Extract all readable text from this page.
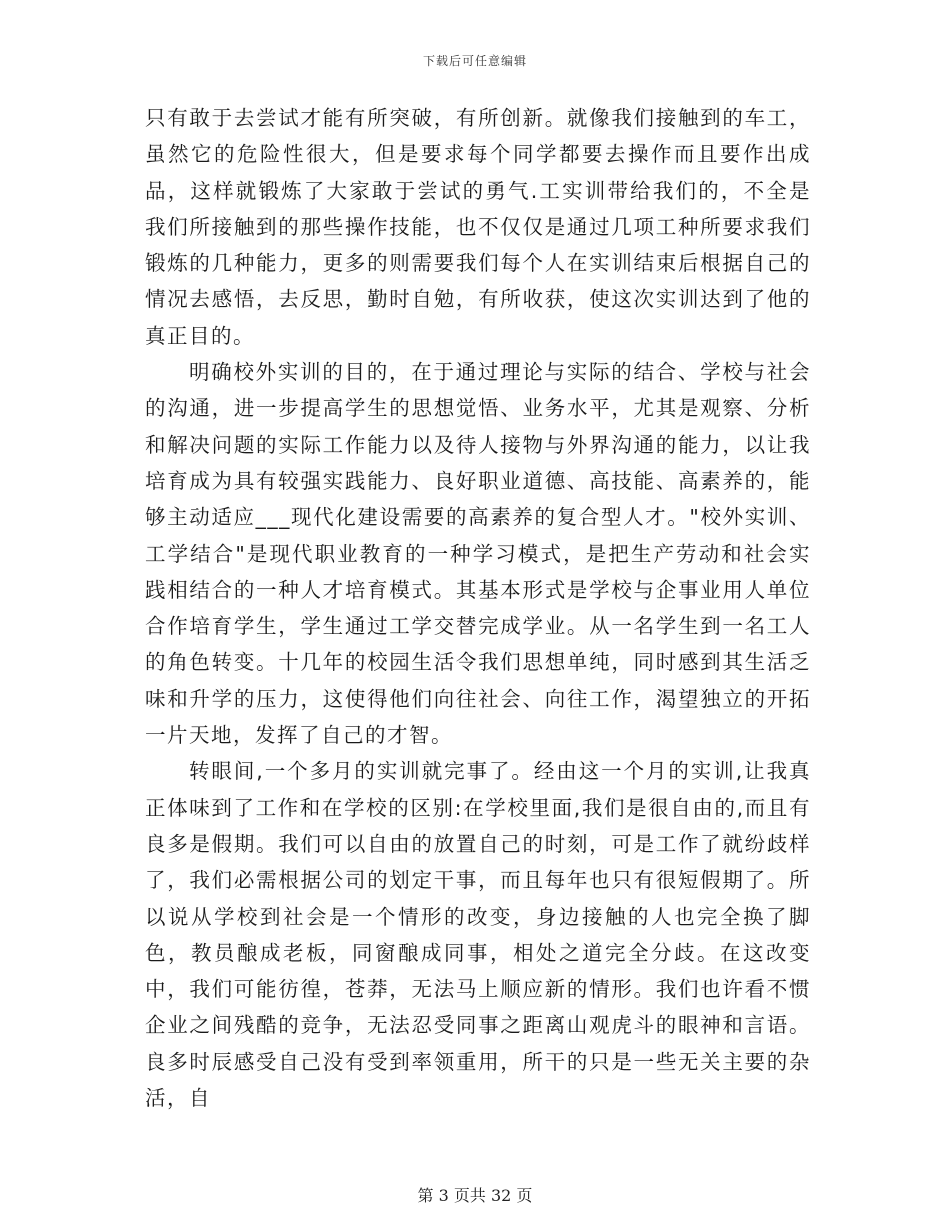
下载后可任意编辑

只有敢于去尝试才能有所突破，有所创新。就像我们接触到的车工，虽然它的危险性很大，但是要求每个同学都要去操作而且要作出成品，这样就锻炼了大家敢于尝试的勇气.工实训带给我们的，不全是我们所接触到的那些操作技能，也不仅仅是通过几项工种所要求我们锻炼的几种能力，更多的则需要我们每个人在实训结束后根据自己的情况去感悟，去反思，勤时自勉，有所收获，使这次实训达到了他的真正目的。

明确校外实训的目的，在于通过理论与实际的结合、学校与社会的沟通，进一步提高学生的思想觉悟、业务水平，尤其是观察、分析和解决问题的实际工作能力以及待人接物与外界沟通的能力，以让我培育成为具有较强实践能力、良好职业道德、高技能、高素养的，能够主动适应___现代化建设需要的高素养的复合型人才。"校外实训、工学结合"是现代职业教育的一种学习模式，是把生产劳动和社会实践相结合的一种人才培育模式。其基本形式是学校与企事业用人单位合作培育学生，学生通过工学交替完成学业。从一名学生到一名工人的角色转变。十几年的校园生活令我们思想单纯，同时感到其生活乏味和升学的压力，这使得他们向往社会、向往工作，渴望独立的开拓一片天地，发挥了自己的才智。

转眼间,一个多月的实训就完事了。经由这一个月的实训,让我真正体味到了工作和在学校的区别:在学校里面,我们是很自由的,而且有良多是假期。我们可以自由的放置自己的时刻，可是工作了就纷歧样了，我们必需根据公司的划定干事，而且每年也只有很短假期了。所以说从学校到社会是一个情形的改变，身边接触的人也完全换了脚色，教员酿成老板，同窗酿成同事，相处之道完全分歧。在这改变中，我们可能彷徨，苍莽，无法马上顺应新的情形。我们也许看不惯企业之间残酷的竞争，无法忍受同事之距离山观虎斗的眼神和言语。良多时辰感受自己没有受到率领重用，所干的只是一些无关主要的杂活，自

第 3 页共 32 页
